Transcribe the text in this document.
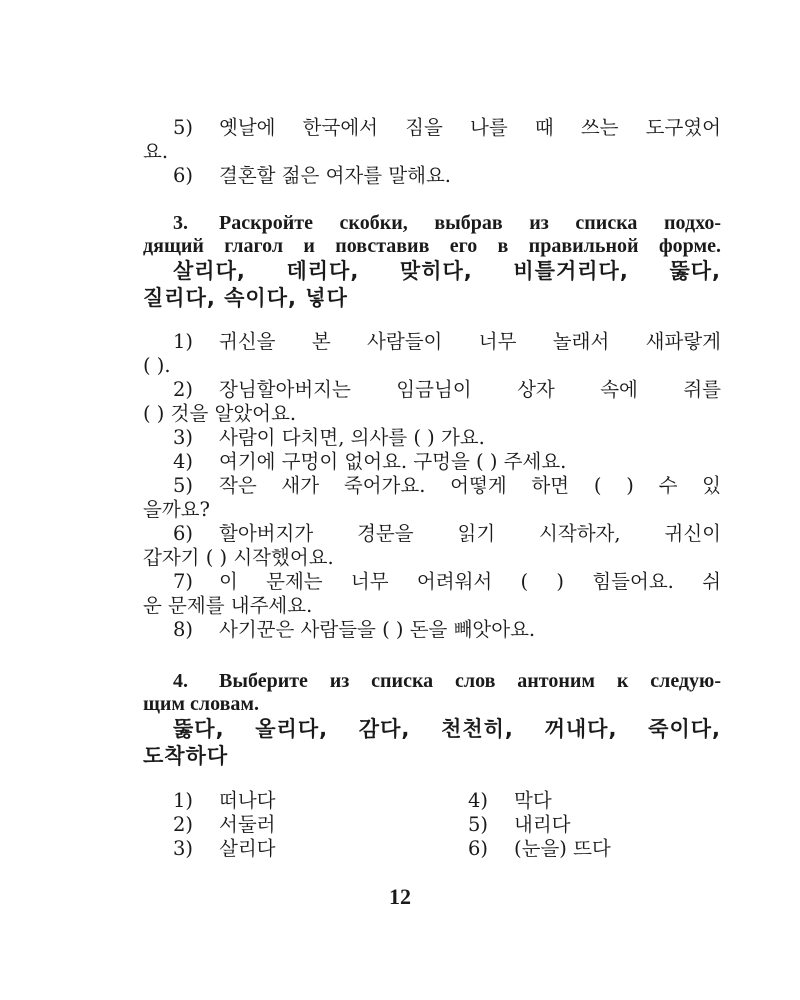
5) 옛날에 한국에서 짐을 나를 때 쓰는 도구였어
요.
6) 결혼할 젊은 여자를 말해요.
3. Раскройте скобки, выбрав из списка подхо-
дящий глагол и повставив его в правильной форме.
살리다, 데리다, 맞히다, 비틀거리다, 뚫다,
질리다, 속이다, 넣다
1) 귀신을 본 사람들이 너무 놀래서 새파랗게
( ).
2) 장님할아버지는 임금님이 상자 속에 쥐를
( ) 것을 알았어요.
3) 사람이 다치면, 의사를 ( ) 가요.
4) 여기에 구멍이 없어요. 구멍을 ( ) 주세요.
5) 작은 새가 죽어가요. 어떻게 하면 ( ) 수 있
을까요?
6) 할아버지가 경문을 읽기 시작하자, 귀신이
갑자기 ( ) 시작했어요.
7) 이 문제는 너무 어려워서 ( ) 힘들어요. 쉬
운 문제를 내주세요.
8) 사기꾼은 사람들을 ( ) 돈을 빼앗아요.
4. Выберите из списка слов антоним к следую-
щим словам.
뚫다, 올리다, 감다, 천천히, 꺼내다, 죽이다,
도착하다
1) 떠나다
2) 서둘러
3) 살리다
4) 막다
5) 내리다
6) (눈을) 뜨다
12
